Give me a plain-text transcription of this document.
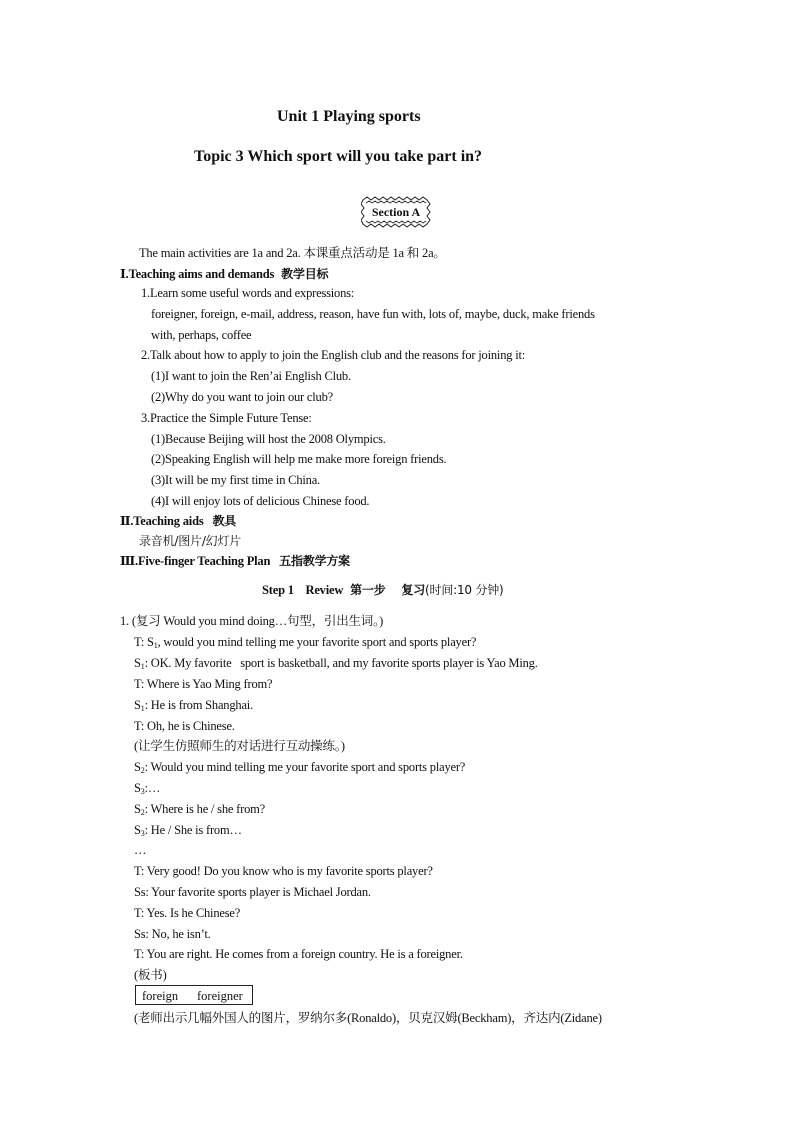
Unit 1 Playing sports
Topic 3 Which sport will you take part in?
Section A
The main activities are 1a and 2a. 本课重点活动是 1a 和 2a。
Ⅰ.Teaching aims and demands 教学目标
1.Learn some useful words and expressions:
foreigner, foreign, e-mail, address, reason, have fun with, lots of, maybe, duck, make friends
with, perhaps, coffee
2.Talk about how to apply to join the English club and the reasons for joining it:
(1)I want to join the Ren’ai English Club.
(2)Why do you want to join our club?
3.Practice the Simple Future Tense:
(1)Because Beijing will host the 2008 Olympics.
(2)Speaking English will help me make more foreign friends.
(3)It will be my first time in China.
(4)I will enjoy lots of delicious Chinese food.
Ⅱ.Teaching aids 教具
录音机/图片/幻灯片
Ⅲ.Five-finger Teaching Plan 五指教学方案
Step 1    Review 第一步    复习(时间:10 分钟)
1. (复习 Would you mind doing…句型，引出生词。)
T: $S_1$, would you mind telling me your favorite sport and sports player?
$S_1$: OK. My favorite   sport is basketball, and my favorite sports player is Yao Ming.
T: Where is Yao Ming from?
$S_1$: He is from Shanghai.
T: Oh, he is Chinese.
(让学生仿照师生的对话进行互动操练。)
$S_2$: Would you mind telling me your favorite sport and sports player?
$S_3:\dots$
$S_2$: Where is he / she from?
$S_3$: He / She is from…
…
T: Very good! Do you know who is my favorite sports player?
Ss: Your favorite sports player is Michael Jordan.
T: Yes. Is he Chinese?
Ss: No, he isn’t.
T: You are right. He comes from a foreign country. He is a foreigner.
(板书)
foreign foreigner
(老师出示几幅外国人的图片，罗纳尔多(Ronaldo)，贝克汉姆(Beckham)，齐达内(Zidane)
